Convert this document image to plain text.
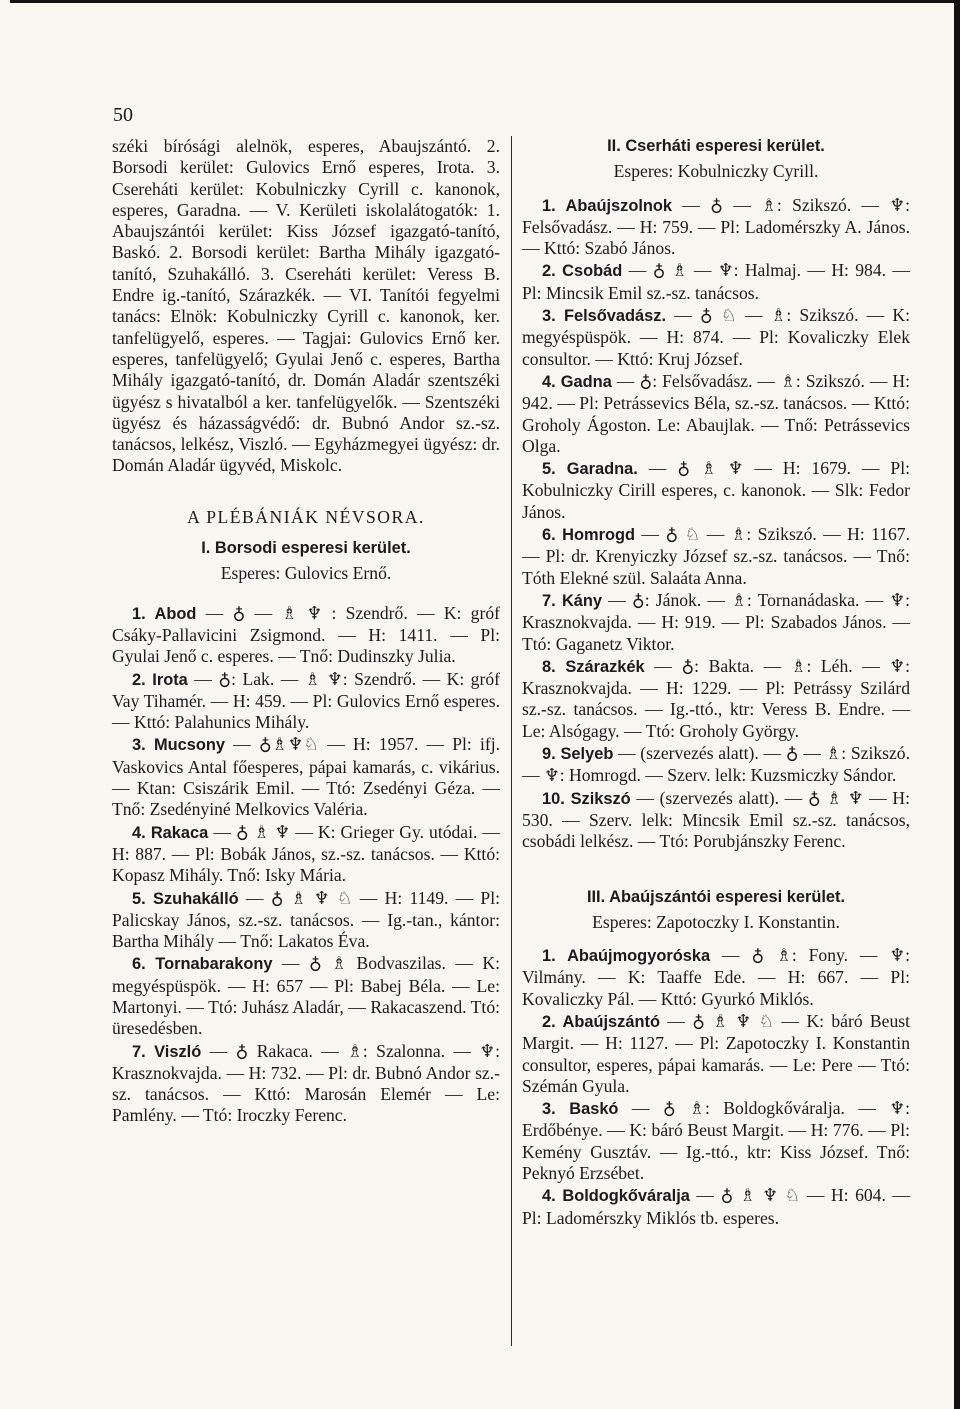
50

széki bírósági alelnök, esperes, Abaujszántó. 2. Borsodi kerület: Gulovics Ernő esperes, Irota. 3. Csereháti kerület: Kobulniczky Cyrill c. kanonok, esperes, Garadna. — V. Kerületi iskolalátogatók: 1. Abaujszántói kerület: Kiss József igazgató-tanító, Baskó. 2. Borsodi kerület: Bartha Mihály igazgató-tanító, Szuhakálló. 3. Csereháti kerület: Veress B. Endre ig.-tanító, Szárazkék. — VI. Tanítói fegyelmi tanács: Elnök: Kobulniczky Cyrill c. kanonok, ker. tanfelügyelő, esperes. — Tagjai: Gulovics Ernő ker. esperes, tanfelügyelő; Gyulai Jenő c. esperes, Bartha Mihály igazgató-tanító, dr. Domán Aladár szentszéki ügyész s hivatalból a ker. tanfelügyelők. — Szentszéki ügyész és házasságvédő: dr. Bubnó Andor sz.-sz. tanácsos, lelkész, Viszló. — Egyházmegyei ügyész: dr. Domán Aladár ügyvéd, Miskolc.

A PLÉBÁNIÁK NÉVSORA.
I. Borsodi esperesi kerület.
Esperes: Gulovics Ernő.

1. Abod — ♁ — ♗ ♆ : Szendrő. — K: gróf Csáky-Pallavicini Zsigmond. — H: 1411. — Pl: Gyulai Jenő c. esperes. — Tnő: Dudinszky Julia.

2. Irota — ♁: Lak. — ♗ ♆: Szendrő. — K: gróf Vay Tihamér. — H: 459. — Pl: Gulovics Ernő esperes. — Kttó: Palahunics Mihály.

3. Mucsony — ♁♗♆♘ — H: 1957. — Pl: ifj. Vaskovics Antal főesperes, pápai kamarás, c. vikárius. — Ktan: Csiszárik Emil. — Ttó: Zsedényi Géza. — Tnő: Zsedényiné Melkovics Valéria.

4. Rakaca — ♁ ♗ ♆ — K: Grieger Gy. utódai. — H: 887. — Pl: Bobák János, sz.-sz. tanácsos. — Kttó: Kopasz Mihály. Tnő: Isky Mária.

5. Szuhakálló — ♁ ♗ ♆ ♘ — H: 1149. — Pl: Palicskay János, sz.-sz. tanácsos. — Ig.-tan., kántor: Bartha Mihály — Tnő: Lakatos Éva.

6. Tornabarakony — ♁ ♗ Bodvaszilas. — K: megyéspüspök. — H: 657 — Pl: Babej Béla. — Le: Martonyi. — Ttó: Juhász Aladár, — Rakacaszend. Ttó: üresedésben.

7. Viszló — ♁ Rakaca. — ♗: Szalonna. — ♆: Krasznokvajda. — H: 732. — Pl: dr. Bubnó Andor sz.-sz. tanácsos. — Kttó: Marosán Elemér — Le: Pamlény. — Ttó: Iroczky Ferenc.

II. Cserháti esperesi kerület.
Esperes: Kobulniczky Cyrill.

1. Abaújszolnok — ♁ — ♗: Szikszó. — ♆: Felsővadász. — H: 759. — Pl: Ladomérszky A. János. — Kttó: Szabó János.

2. Csobád — ♁ ♗ — ♆: Halmaj. — H: 984. — Pl: Mincsik Emil sz.-sz. tanácsos.

3. Felsővadász. — ♁ ♘ — ♗: Szikszó. — K: megyéspüspök. — H: 874. — Pl: Kovaliczky Elek consultor. — Kttó: Kruj József.

4. Gadna — ♁: Felsővadász. — ♗: Szikszó. — H: 942. — Pl: Petrássevics Béla, sz.-sz. tanácsos. — Kttó: Groholy Ágoston. Le: Abaujlak. — Tnő: Petrássevics Olga.

5. Garadna. — ♁ ♗ ♆ — H: 1679. — Pl: Kobulniczky Cirill esperes, c. kanonok. — Slk: Fedor János.

6. Homrogd — ♁ ♘ — ♗: Szikszó. — H: 1167. — Pl: dr. Krenyiczky József sz.-sz. tanácsos. — Tnő: Tóth Elekné szül. Salaáta Anna.

7. Kány — ♁: Jánok. — ♗: Tornanádaska. — ♆: Krasznokvajda. — H: 919. — Pl: Szabados János. — Ttó: Gaganetz Viktor.

8. Szárazkék — ♁: Bakta. — ♗: Léh. — ♆: Krasznokvajda. — H: 1229. — Pl: Petrássy Szilárd sz.-sz. tanácsos. — Ig.-ttó., ktr: Veress B. Endre. — Le: Alsógagy. — Ttó: Groholy György.

9. Selyeb — (szervezés alatt). — ♁ — ♗: Szikszó. — ♆: Homrogd. — Szerv. lelk: Kuzsmiczky Sándor.

10. Szikszó — (szervezés alatt). — ♁ ♗ ♆ — H: 530. — Szerv. lelk: Mincsik Emil sz.-sz. tanácsos, csobádi lelkész. — Ttó: Porubjánszky Ferenc.

III. Abaújszántói esperesi kerület.
Esperes: Zapotoczky I. Konstantin.

1. Abaújmogyoróska — ♁ ♗: Fony. — ♆: Vilmány. — K: Taaffe Ede. — H: 667. — Pl: Kovaliczky Pál. — Kttó: Gyurkó Miklós.

2. Abaújszántó — ♁ ♗ ♆ ♘ — K: báró Beust Margit. — H: 1127. — Pl: Zapotoczky I. Konstantin consultor, esperes, pápai kamarás. — Le: Pere — Ttó: Szémán Gyula.

3. Baskó — ♁ ♗: Boldogkőváralja. — ♆: Erdőbénye. — K: báró Beust Margit. — H: 776. — Pl: Kemény Gusztáv. — Ig.-ttó., ktr: Kiss József. Tnő: Peknyó Erzsébet.

4. Boldogkőváralja — ♁ ♗ ♆ ♘ — H: 604. — Pl: Ladomérszky Miklós tb. esperes.
